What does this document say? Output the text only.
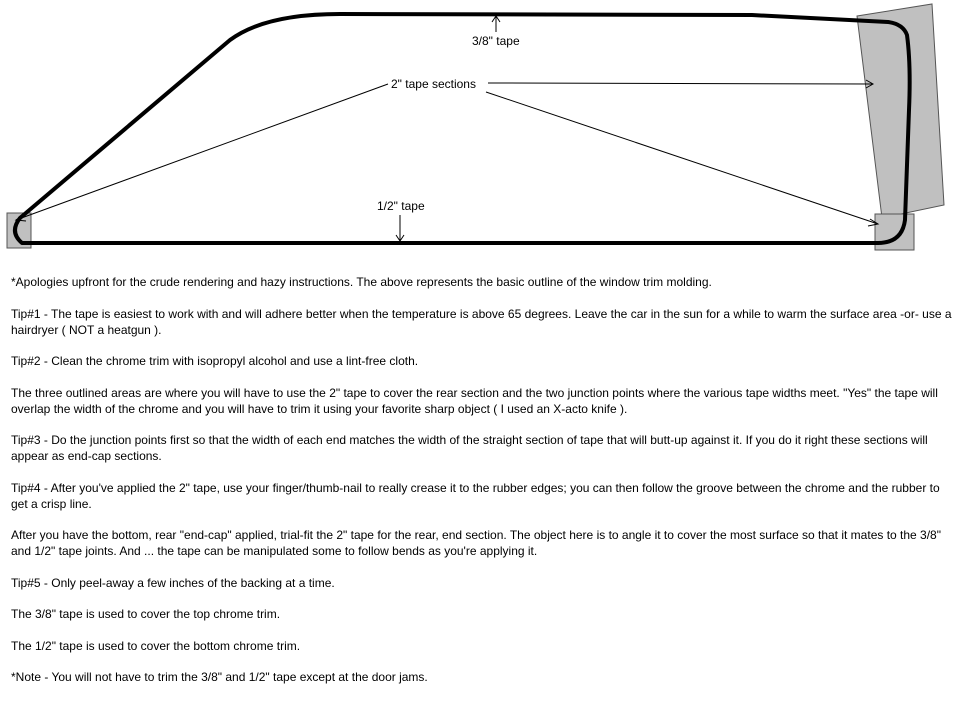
3/8" tape
2" tape sections
1/2" tape

*Apologies upfront for the crude rendering and hazy instructions. The above represents the basic outline of the window trim molding.

Tip#1 - The tape is easiest to work with and will adhere better when the temperature is above 65 degrees. Leave the car in the sun for a while to warm the surface area -or- use a hairdryer ( NOT a heatgun ).

Tip#2 - Clean the chrome trim with isopropyl alcohol and use a lint-free cloth.

The three outlined areas are where you will have to use the 2" tape to cover the rear section and the two junction points where the various tape widths meet. "Yes" the tape will overlap the width of the chrome and you will have to trim it using your favorite sharp object ( I used an X-acto knife ).

Tip#3 - Do the junction points first so that the width of each end matches the width of the straight section of tape that will butt-up against it. If you do it right these sections will appear as end-cap sections.

Tip#4 - After you've applied the 2" tape, use your finger/thumb-nail to really crease it to the rubber edges; you can then follow the groove between the chrome and the rubber to get a crisp line.

After you have the bottom, rear "end-cap" applied, trial-fit the 2" tape for the rear, end section. The object here is to angle it to cover the most surface so that it mates to the 3/8" and 1/2" tape joints. And ... the tape can be manipulated some to follow bends as you're applying it.

Tip#5 - Only peel-away a few inches of the backing at a time.

The 3/8" tape is used to cover the top chrome trim.

The 1/2" tape is used to cover the bottom chrome trim.

*Note - You will not have to trim the 3/8" and 1/2" tape except at the door jams.
